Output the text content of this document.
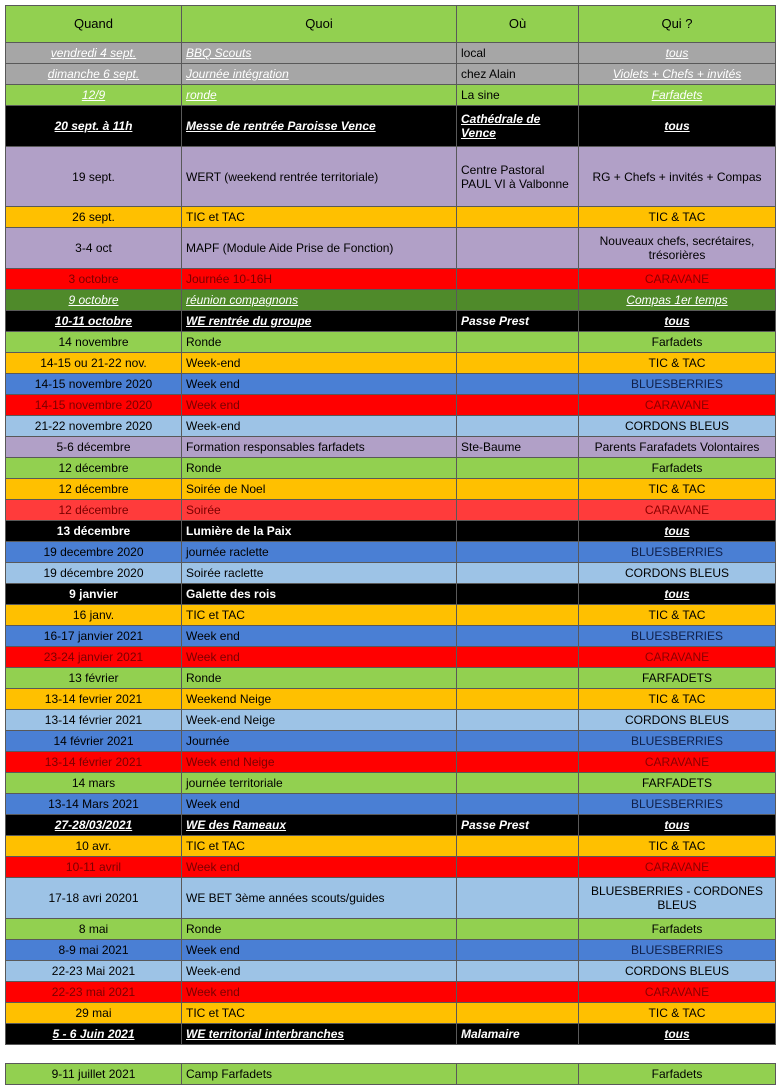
Quand	Quoi	Où	Qui ?
vendredi 4 sept.	BBQ Scouts	local	tous
dimanche 6 sept.	Journée intégration	chez Alain	Violets + Chefs + invités
12/9	ronde	La sine	Farfadets
20 sept. à 11h	Messe de rentrée Paroisse Vence	Cathédrale de Vence	tous
19 sept.	WERT (weekend rentrée territoriale)	Centre Pastoral PAUL VI à Valbonne	RG + Chefs + invités + Compas
26 sept.	TIC et TAC		TIC & TAC
3-4 oct	MAPF (Module Aide Prise de Fonction)		Nouveaux chefs, secrétaires, trésorières
3 octobre	Journée 10-16H		CARAVANE
9 octobre	réunion compagnons		Compas 1er temps
10-11 octobre	WE rentrée du groupe	Passe Prest	tous
14 novembre	Ronde		Farfadets
14-15 ou 21-22 nov.	Week-end		TIC & TAC
14-15 novembre 2020	Week end		BLUESBERRIES
14-15 novembre 2020	Week end		CARAVANE
21-22 novembre 2020	Week-end		CORDONS BLEUS
5-6 décembre	Formation responsables farfadets	Ste-Baume	Parents Farafadets Volontaires
12 décembre	Ronde		Farfadets
12 décembre	Soirée de Noel		TIC & TAC
12 décembre	Soirée		CARAVANE
13 décembre	Lumière de la Paix		tous
19 decembre 2020	journée raclette		BLUESBERRIES
19 décembre 2020	Soirée raclette		CORDONS BLEUS
9 janvier	Galette des rois		tous
16 janv.	TIC et TAC		TIC & TAC
16-17 janvier 2021	Week end		BLUESBERRIES
23-24 janvier 2021	Week end		CARAVANE
13 février	Ronde		FARFADETS
13-14 fevrier 2021	Weekend Neige		TIC & TAC
13-14 février 2021	Week-end Neige		CORDONS BLEUS
14 février 2021	Journée		BLUESBERRIES
13-14 février 2021	Week end Neige		CARAVANE
14 mars	journée territoriale		FARFADETS
13-14 Mars 2021	Week end		BLUESBERRIES
27-28/03/2021	WE des Rameaux	Passe Prest	tous
10 avr.	TIC et TAC		TIC & TAC
10-11 avril	Week end		CARAVANE
17-18 avri 20201	WE BET 3ème années scouts/guides		BLUESBERRIES - CORDONES BLEUS
8 mai	Ronde		Farfadets
8-9 mai 2021	Week end		BLUESBERRIES
22-23 Mai 2021	Week-end		CORDONS BLEUS
22-23 mai 2021	Week end		CARAVANE
29 mai	TIC et TAC		TIC & TAC
5 - 6 Juin 2021	WE territorial interbranches	Malamaire	tous

9-11 juillet 2021	Camp Farfadets		Farfadets
